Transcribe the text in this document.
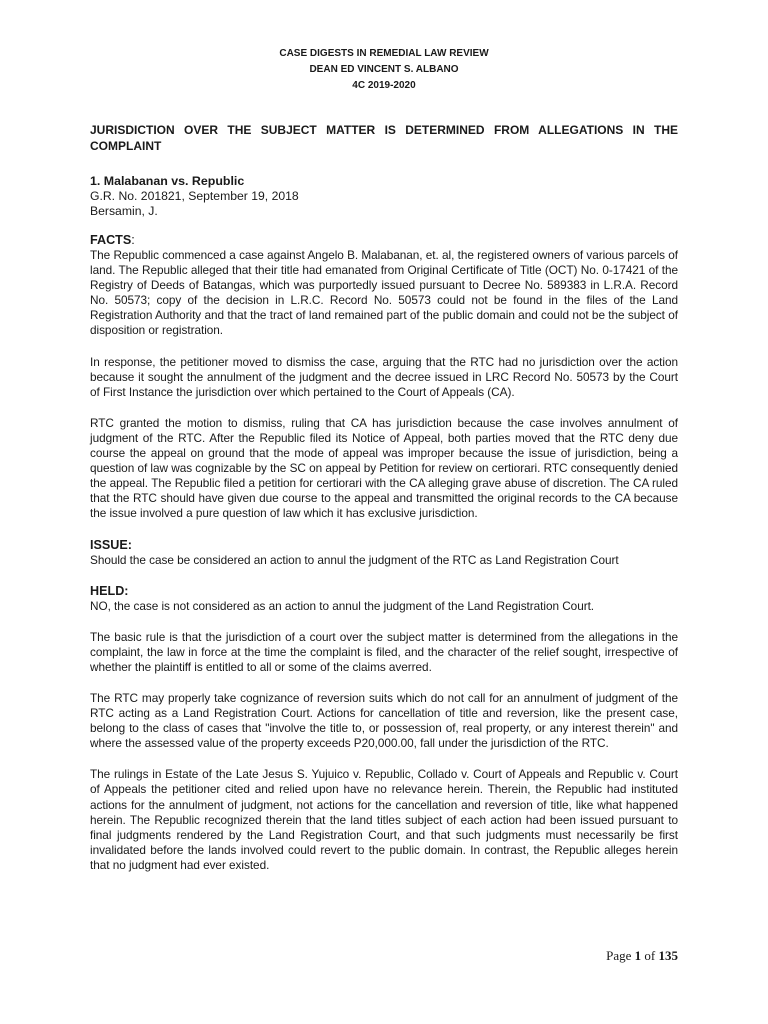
CASE DIGESTS IN REMEDIAL LAW REVIEW
DEAN ED VINCENT S. ALBANO
4C 2019-2020
JURISDICTION OVER THE SUBJECT MATTER IS DETERMINED FROM ALLEGATIONS IN THE COMPLAINT
1. Malabanan vs. Republic

G.R. No. 201821, September 19, 2018

Bersamin, J.

FACTS:

The Republic commenced a case against Angelo B. Malabanan, et. al, the registered owners of various parcels of land. The Republic alleged that their title had emanated from Original Certificate of Title (OCT) No. 0-17421 of the Registry of Deeds of Batangas, which was purportedly issued pursuant to Decree No. 589383 in L.R.A. Record No. 50573; copy of the decision in L.R.C. Record No. 50573 could not be found in the files of the Land Registration Authority and that the tract of land remained part of the public domain and could not be the subject of disposition or registration.

In response, the petitioner moved to dismiss the case, arguing that the RTC had no jurisdiction over the action because it sought the annulment of the judgment and the decree issued in LRC Record No. 50573 by the Court of First Instance the jurisdiction over which pertained to the Court of Appeals (CA).

RTC granted the motion to dismiss, ruling that CA has jurisdiction because the case involves annulment of judgment of the RTC. After the Republic filed its Notice of Appeal, both parties moved that the RTC deny due course the appeal on ground that the mode of appeal was improper because the issue of jurisdiction, being a question of law was cognizable by the SC on appeal by Petition for review on certiorari. RTC consequently denied the appeal. The Republic filed a petition for certiorari with the CA alleging grave abuse of discretion. The CA ruled that the RTC should have given due course to the appeal and transmitted the original records to the CA because the issue involved a pure question of law which it has exclusive jurisdiction.

ISSUE:

Should the case be considered an action to annul the judgment of the RTC as Land Registration Court

HELD:

NO, the case is not considered as an action to annul the judgment of the Land Registration Court.

The basic rule is that the jurisdiction of a court over the subject matter is determined from the allegations in the complaint, the law in force at the time the complaint is filed, and the character of the relief sought, irrespective of whether the plaintiff is entitled to all or some of the claims averred.

The RTC may properly take cognizance of reversion suits which do not call for an annulment of judgment of the RTC acting as a Land Registration Court. Actions for cancellation of title and reversion, like the present case, belong to the class of cases that "involve the title to, or possession of, real property, or any interest therein" and where the assessed value of the property exceeds P20,000.00, fall under the jurisdiction of the RTC.

The rulings in Estate of the Late Jesus S. Yujuico v. Republic, Collado v. Court of Appeals and Republic v. Court of Appeals the petitioner cited and relied upon have no relevance herein. Therein, the Republic had instituted actions for the annulment of judgment, not actions for the cancellation and reversion of title, like what happened herein. The Republic recognized therein that the land titles subject of each action had been issued pursuant to final judgments rendered by the Land Registration Court, and that such judgments must necessarily be first invalidated before the lands involved could revert to the public domain. In contrast, the Republic alleges herein that no judgment had ever existed.

Page 1 of 135
